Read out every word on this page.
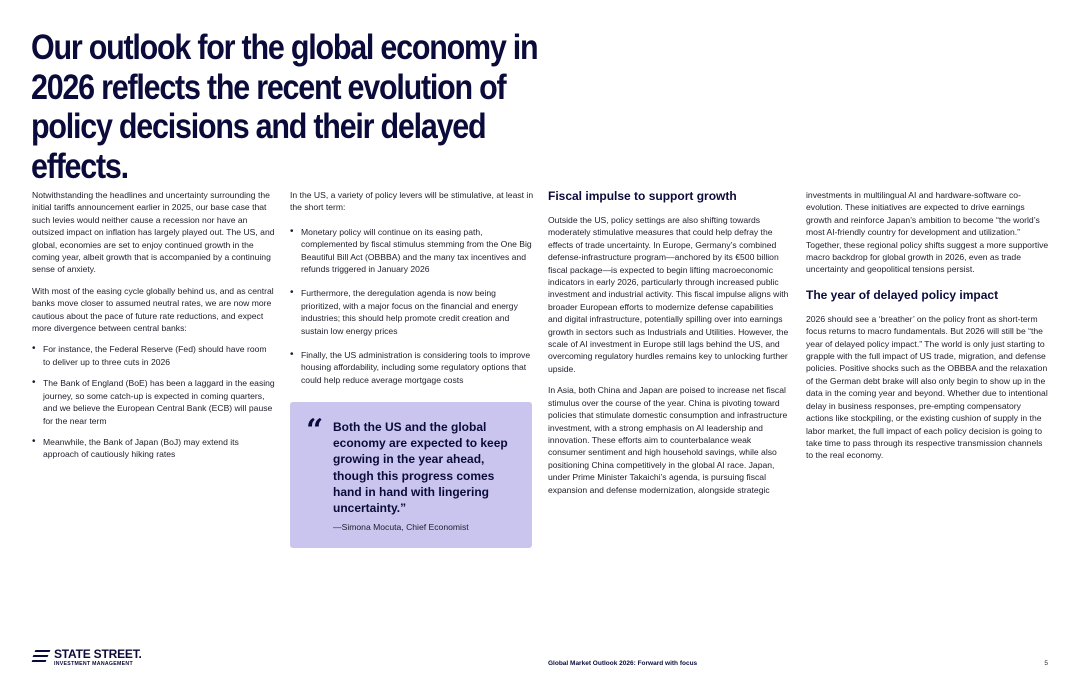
Our outlook for the global economy in 2026 reflects the recent evolution of policy decisions and their delayed effects.

Notwithstanding the headlines and uncertainty surrounding the initial tariffs announcement earlier in 2025, our base case that such levies would neither cause a recession nor have an outsized impact on inflation has largely played out. The US, and global, economies are set to enjoy continued growth in the coming year, albeit growth that is accompanied by a continuing sense of anxiety.

With most of the easing cycle globally behind us, and as central banks move closer to assumed neutral rates, we are now more cautious about the pace of future rate reductions, and expect more divergence between central banks:

• For instance, the Federal Reserve (Fed) should have room to deliver up to three cuts in 2026
• The Bank of England (BoE) has been a laggard in the easing journey, so some catch-up is expected in coming quarters, and we believe the European Central Bank (ECB) will pause for the near term
• Meanwhile, the Bank of Japan (BoJ) may extend its approach of cautiously hiking rates

In the US, a variety of policy levers will be stimulative, at least in the short term:

• Monetary policy will continue on its easing path, complemented by fiscal stimulus stemming from the One Big Beautiful Bill Act (OBBBA) and the many tax incentives and refunds triggered in January 2026
• Furthermore, the deregulation agenda is now being prioritized, with a major focus on the financial and energy industries; this should help promote credit creation and sustain low energy prices
• Finally, the US administration is considering tools to improve housing affordability, including some regulatory options that could help reduce average mortgage costs
“ Both the US and the global economy are expected to keep growing in the year ahead, though this progress comes hand in hand with lingering uncertainty.”
—Simona Mocuta, Chief Economist
Fiscal impulse to support growth

Outside the US, policy settings are also shifting towards moderately stimulative measures that could help defray the effects of trade uncertainty. In Europe, Germany’s combined defense-infrastructure program—anchored by its €500 billion fiscal package—is expected to begin lifting macroeconomic indicators in early 2026, particularly through increased public investment and industrial activity. This fiscal impulse aligns with broader European efforts to modernize defense capabilities and digital infrastructure, potentially spilling over into earnings growth in sectors such as Industrials and Utilities. However, the scale of AI investment in Europe still lags behind the US, and overcoming regulatory hurdles remains key to unlocking further upside.

In Asia, both China and Japan are poised to increase net fiscal stimulus over the course of the year. China is pivoting toward policies that stimulate domestic consumption and infrastructure investment, with a strong emphasis on AI leadership and innovation. These efforts aim to counterbalance weak consumer sentiment and high household savings, while also positioning China competitively in the global AI race. Japan, under Prime Minister Takaichi’s agenda, is pursuing fiscal expansion and defense modernization, alongside strategic

investments in multilingual AI and hardware-software co-evolution. These initiatives are expected to drive earnings growth and reinforce Japan’s ambition to become “the world’s most AI-friendly country for development and utilization.” Together, these regional policy shifts suggest a more supportive macro backdrop for global growth in 2026, even as trade uncertainty and geopolitical tensions persist.

The year of delayed policy impact

2026 should see a ‘breather’ on the policy front as short-term focus returns to macro fundamentals. But 2026 will still be “the year of delayed policy impact.” The world is only just starting to grapple with the full impact of US trade, migration, and defense policies. Positive shocks such as the OBBBA and the relaxation of the German debt brake will also only begin to show up in the data in the coming year and beyond. Whether due to intentional delay in business responses, pre-empting compensatory actions like stockpiling, or the existing cushion of supply in the labor market, the full impact of each policy decision is going to take time to pass through its respective transmission channels to the real economy.

STATE STREET.
INVESTMENT MANAGEMENT	Global Market Outlook 2026: Forward with focus	5
